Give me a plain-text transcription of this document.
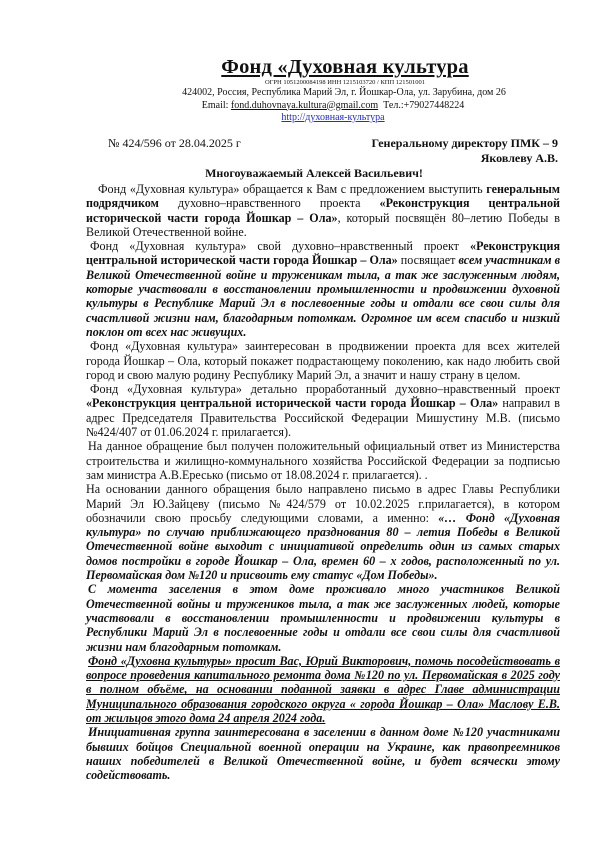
Фонд «Духовная культура
ОГРН 1051200084198 ИНН 1215103720 / КПП 121501001
424002, Россия, Республика Марий Эл, г. Йошкар-Ола, ул. Зарубина, дом 26
Email: fond.duhovnaya.kultura@gmail.com Тел.:+79027448224
http://духовная-культура
№ 424/596 от 28.04.2025 г	Генеральному директору ПМК – 9
Яковлеву А.В.
Многоуважаемый Алексей Васильевич!

Фонд «Духовная культура» обращается к Вам с предложением выступить генеральным подрядчиком духовно–нравственного проекта «Реконструкция центральной исторической части города Йошкар – Ола», который посвящён 80–летию Победы в Великой Отечественной войне.

Фонд «Духовная культура» свой духовно–нравственный проект «Реконструкция центральной исторической части города Йошкар – Ола» посвящает всем участникам в Великой Отечественной войне и труженикам тыла, а так же заслуженным людям, которые участвовали в восстановлении промышленности и продвижении духовной культуры в Республике Марий Эл в послевоенные годы и отдали все свои силы для счастливой жизни нам, благодарным потомкам. Огромное им всем спасибо и низкий поклон от всех нас живущих.

Фонд «Духовная культура» заинтересован в продвижении проекта для всех жителей города Йошкар – Ола, который покажет подрастающему поколению, как надо любить свой город и свою малую родину Республику Марий Эл, а значит и нашу страну в целом.

Фонд «Духовная культура» детально проработанный духовно–нравственный проект «Реконструкция центральной исторической части города Йошкар – Ола» направил в адрес Председателя Правительства Российской Федерации Мишустину М.В. (письмо №424/407 от 01.06.2024 г. прилагается).

На данное обращение был получен положительный официальный ответ из Министерства строительства и жилищно-коммунального хозяйства Российской Федерации за подписью зам министра А.В.Ересько (письмо от 18.08.2024 г. прилагается). .

На основании данного обращения было направлено письмо в адрес Главы Республики Марий Эл Ю.Зайцеву (письмо №424/579 от 10.02.2025 г.прилагается), в котором обозначили свою просьбу следующими словами, а именно: «… Фонд «Духовная культура» по случаю приближающего празднования 80 – летия Победы в Великой Отечественной войне выходит с инициативой определить один из самых старых домов постройки в городе Йошкар – Ола, времен 60 – х годов, расположенный по ул. Первомайская дом №120 и присвоить ему статус «Дом Победы».

С момента заселения в этом доме проживало много участников Великой Отечественной войны и тружеников тыла, а так же заслуженных людей, которые участвовали в восстановлении промышленности и продвижении культуры в Республики Марий Эл в послевоенные годы и отдали все свои силы для счастливой жизни нам благодарным потомкам.

Фонд «Духовна культуры» просит Вас, Юрий Викторович, помочь посодействовать в вопросе проведения капитального ремонта дома №120 по ул. Первомайская в 2025 году в полном объёме, на основании поданной заявки в адрес Главе администрации Муниципального образования городского округа « города Йошкар – Ола» Маслову Е.В. от жильцов этого дома 24 апреля 2024 года.

Инициативная группа заинтересована в заселении в данном доме №120 участниками бывших бойцов Специальной военной операции на Украине, как правопреемников наших победителей в Великой Отечественной войне, и будет всячески этому содействовать.
